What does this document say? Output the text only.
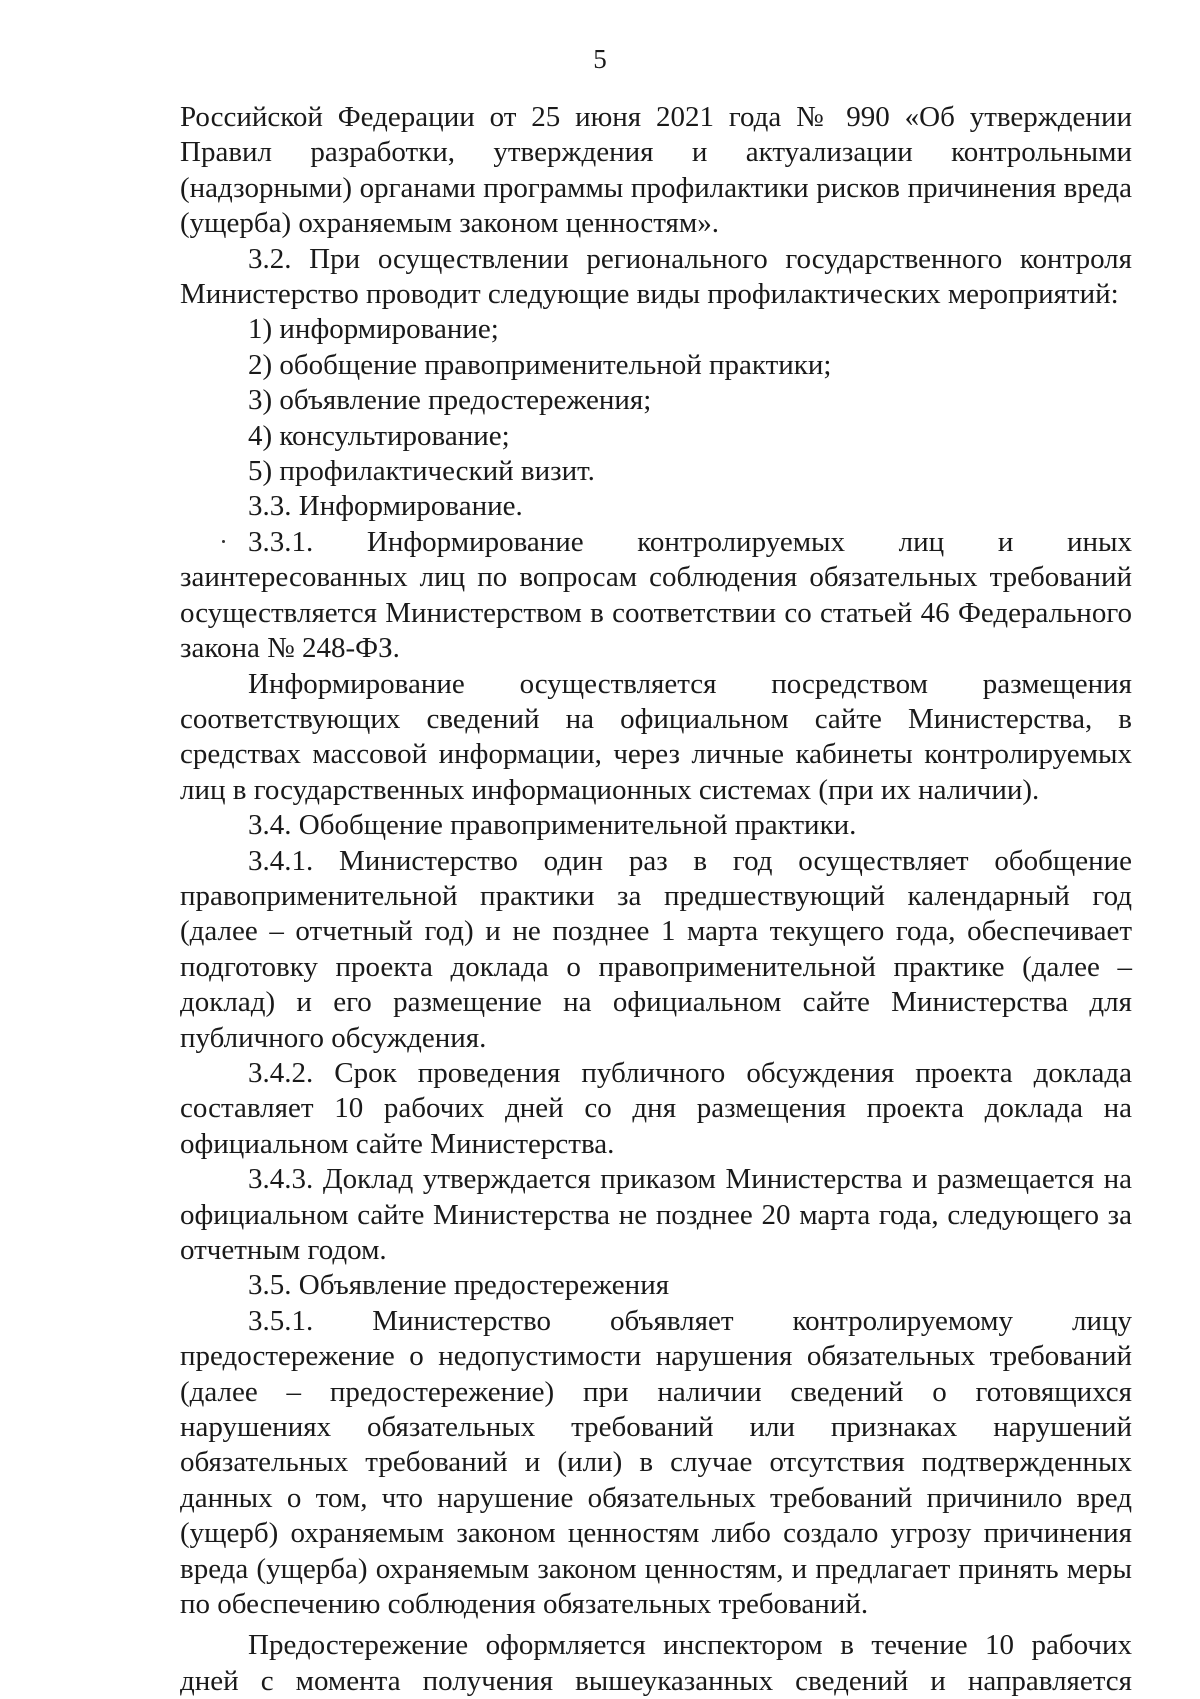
5

Российской Федерации от 25 июня 2021 года № 990 «Об утверждении Правил разработки, утверждения и актуализации контрольными (надзорными) органами программы профилактики рисков причинения вреда (ущерба) охраняемым законом ценностям».

3.2. При осуществлении регионального государственного контроля Министерство проводит следующие виды профилактических мероприятий:

1) информирование;

2) обобщение правоприменительной практики;

3) объявление предостережения;

4) консультирование;

5) профилактический визит.

3.3. Информирование.

3.3.1. Информирование контролируемых лиц и иных заинтересованных лиц по вопросам соблюдения обязательных требований осуществляется Министерством в соответствии со статьей 46 Федерального закона № 248-ФЗ.

Информирование осуществляется посредством размещения соответствующих сведений на официальном сайте Министерства, в средствах массовой информации, через личные кабинеты контролируемых лиц в государственных информационных системах (при их наличии).

3.4. Обобщение правоприменительной практики.

3.4.1. Министерство один раз в год осуществляет обобщение правоприменительной практики за предшествующий календарный год (далее – отчетный год) и не позднее 1 марта текущего года, обеспечивает подготовку проекта доклада о правоприменительной практике (далее – доклад) и его размещение на официальном сайте Министерства для публичного обсуждения.

3.4.2. Срок проведения публичного обсуждения проекта доклада составляет 10 рабочих дней со дня размещения проекта доклада на официальном сайте Министерства.

3.4.3. Доклад утверждается приказом Министерства и размещается на официальном сайте Министерства не позднее 20 марта года, следующего за отчетным годом.

3.5. Объявление предостережения

3.5.1. Министерство объявляет контролируемому лицу предостережение о недопустимости нарушения обязательных требований (далее – предостережение) при наличии сведений о готовящихся нарушениях обязательных требований или признаках нарушений обязательных требований и (или) в случае отсутствия подтвержденных данных о том, что нарушение обязательных требований причинило вред (ущерб) охраняемым законом ценностям либо создало угрозу причинения вреда (ущерба) охраняемым законом ценностям, и предлагает принять меры по обеспечению соблюдения обязательных требований.

Предостережение оформляется инспектором в течение 10 рабочих дней с момента получения вышеуказанных сведений и направляется
